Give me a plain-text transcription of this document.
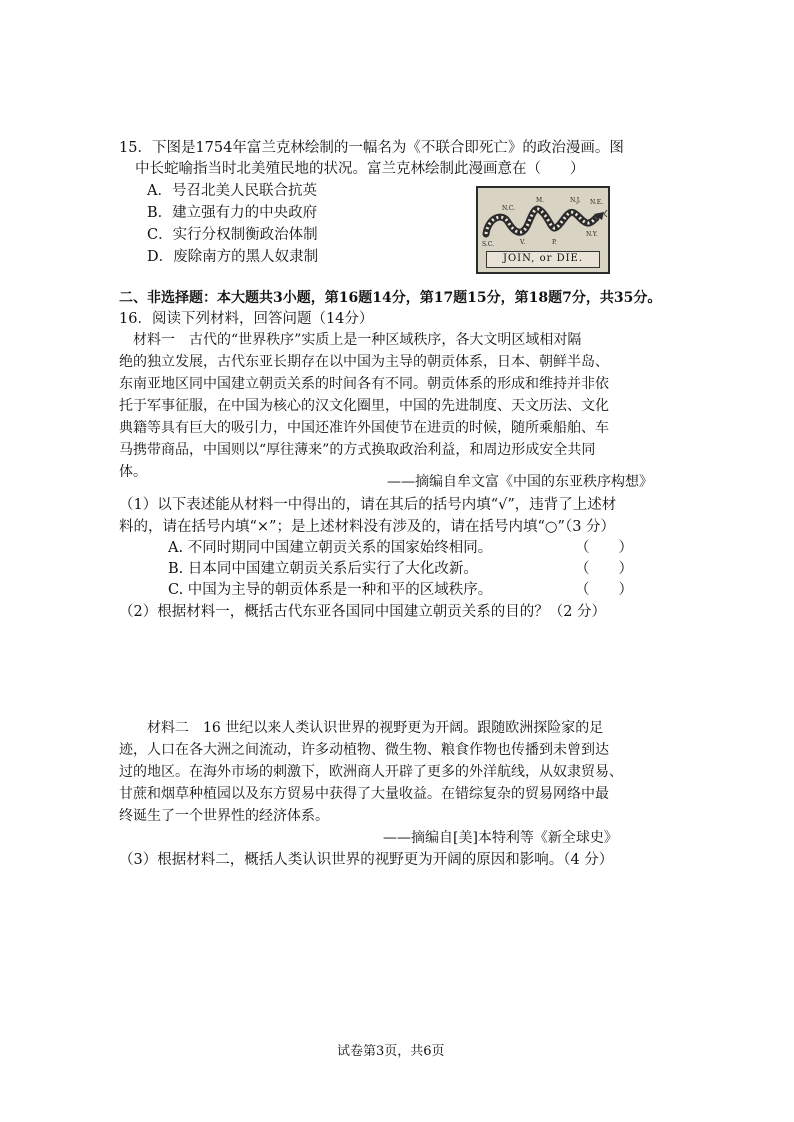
15．下图是1754年富兰克林绘制的一幅名为《不联合即死亡》的政治漫画。图
中长蛇喻指当时北美殖民地的状况。富兰克林绘制此漫画意在（　　）
A．号召北美人民联合抗英
B．建立强有力的中央政府
C．实行分权制衡政治体制
D．废除南方的黑人奴隶制
S.C.
N.C.
V.
M.
P.
N.J.
N.Y.
N.E.
JOIN, or DIE.
二、非选择题：本大题共3小题，第16题14分，第17题15分，第18题7分，共35分。
16．阅读下列材料，回答问题（14分）
材料一　古代的“世界秩序”实质上是一种区域秩序，各大文明区域相对隔
绝的独立发展，古代东亚长期存在以中国为主导的朝贡体系，日本、朝鲜半岛、
东南亚地区同中国建立朝贡关系的时间各有不同。朝贡体系的形成和维持并非依
托于军事征服，在中国为核心的汉文化圈里，中国的先进制度、天文历法、文化
典籍等具有巨大的吸引力，中国还准许外国使节在进贡的时候，随所乘船舶、车
马携带商品，中国则以“厚往薄来”的方式换取政治利益，和周边形成安全共同
体。
——摘编自牟文富《中国的东亚秩序构想》
（1）以下表述能从材料一中得出的，请在其后的括号内填“√”，违背了上述材
料的，请在括号内填“×”；是上述材料没有涉及的，请在括号内填“○”（3 分）
A. 不同时期同中国建立朝贡关系的国家始终相同。	（　　）
B. 日本同中国建立朝贡关系后实行了大化改新。	（　　）
C. 中国为主导的朝贡体系是一种和平的区域秩序。	（　　）
（2）根据材料一，概括古代东亚各国同中国建立朝贡关系的目的？（2 分）
材料二　16 世纪以来人类认识世界的视野更为开阔。跟随欧洲探险家的足
迹，人口在各大洲之间流动，许多动植物、微生物、粮食作物也传播到未曾到达
过的地区。在海外市场的刺激下，欧洲商人开辟了更多的外洋航线，从奴隶贸易、
甘蔗和烟草种植园以及东方贸易中获得了大量收益。在错综复杂的贸易网络中最
终诞生了一个世界性的经济体系。
——摘编自[美]本特利等《新全球史》
（3）根据材料二，概括人类认识世界的视野更为开阔的原因和影响。（4 分）
试卷第3页，共6页
